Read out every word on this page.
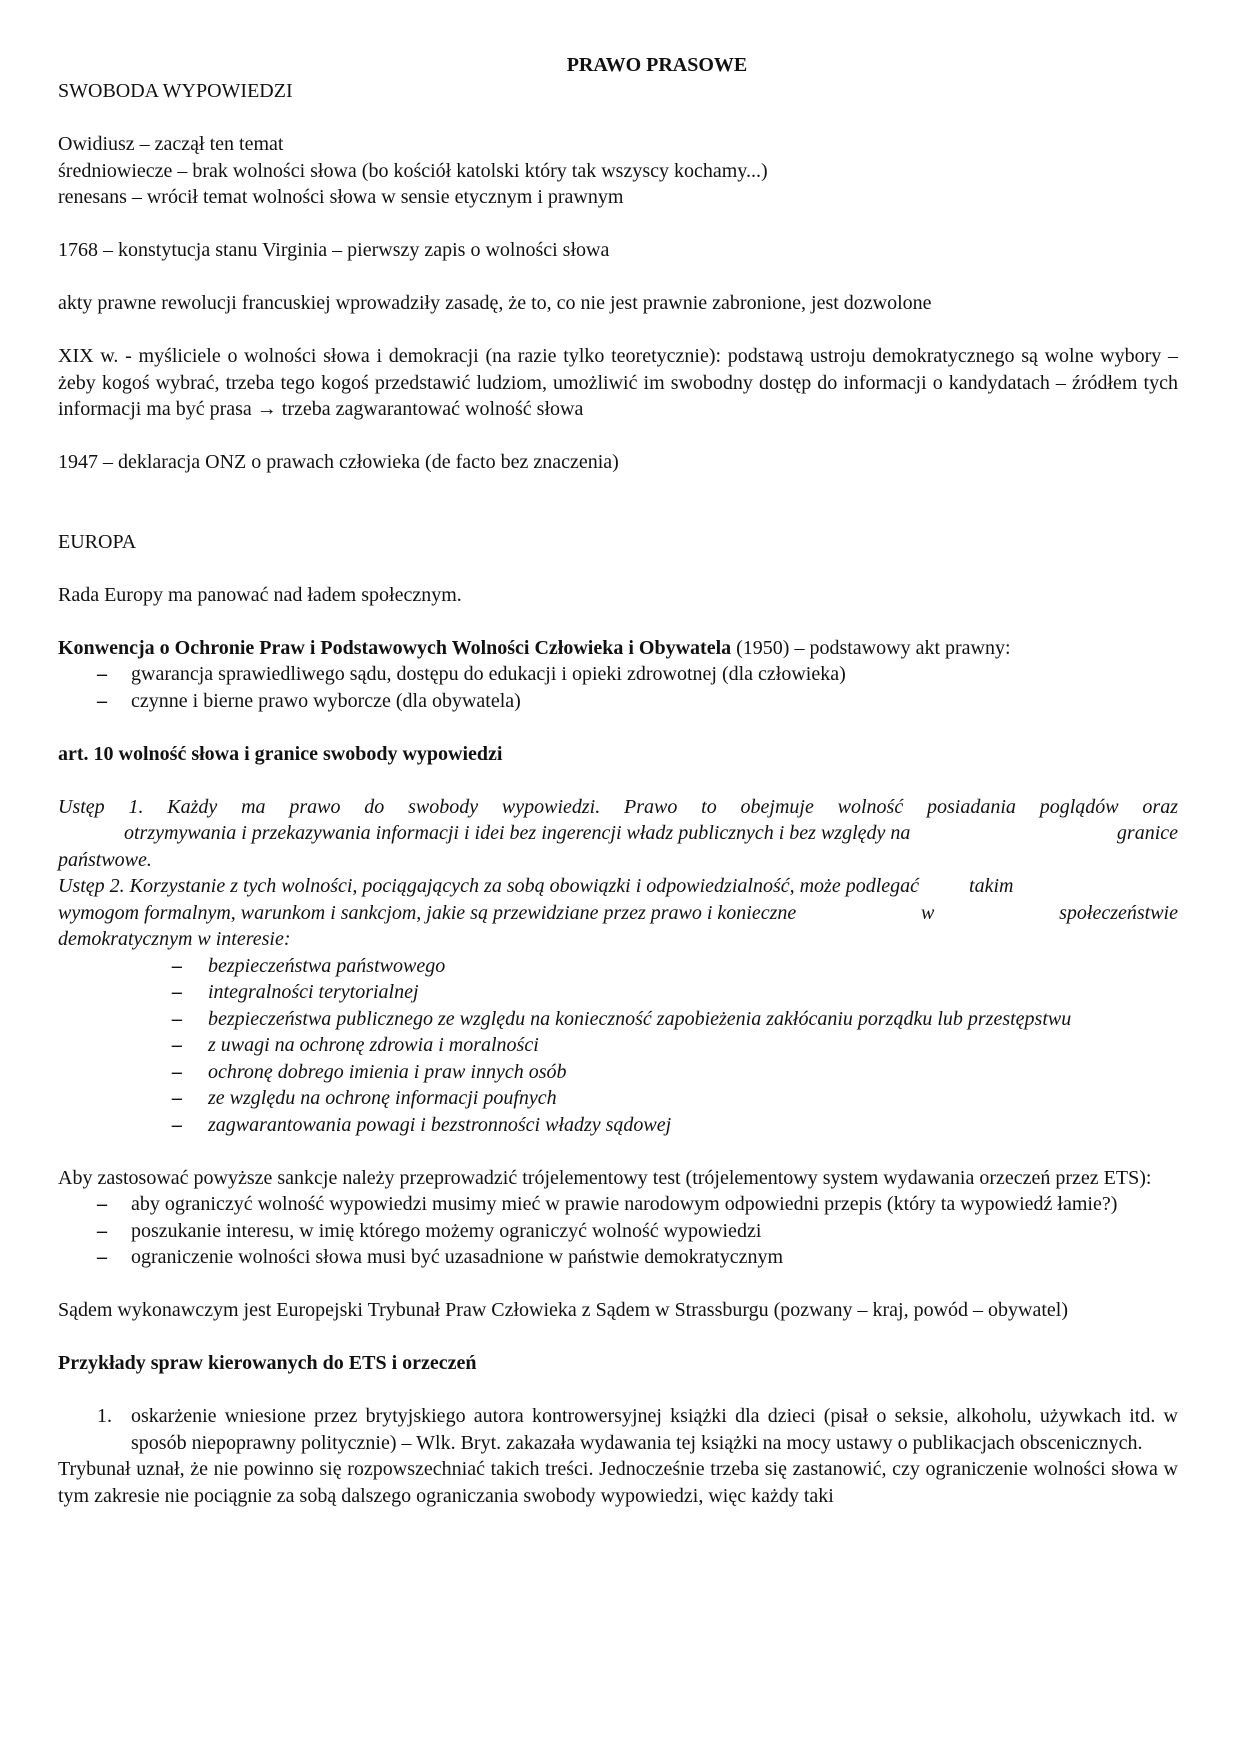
PRAWO PRASOWE

SWOBODA WYPOWIEDZI

Owidiusz – zaczął ten temat

średniowiecze – brak wolności słowa (bo kościół katolski który tak wszyscy kochamy...)

renesans – wrócił temat wolności słowa w sensie etycznym i prawnym

1768 – konstytucja stanu Virginia – pierwszy zapis o wolności słowa

akty prawne rewolucji francuskiej wprowadziły zasadę, że to, co nie jest prawnie zabronione, jest dozwolone

XIX w. - myśliciele o wolności słowa i demokracji (na razie tylko teoretycznie): podstawą ustroju demokratycznego są wolne wybory – żeby kogoś wybrać, trzeba tego kogoś przedstawić ludziom, umożliwić im swobodny dostęp do informacji o kandydatach – źródłem tych informacji ma być prasa → trzeba zagwarantować wolność słowa

1947 – deklaracja ONZ o prawach człowieka (de facto bez znaczenia)

EUROPA

Rada Europy ma panować nad ładem społecznym.

Konwencja o Ochronie Praw i Podstawowych Wolności Człowieka i Obywatela (1950) – podstawowy akt prawny:

– gwarancja sprawiedliwego sądu, dostępu do edukacji i opieki zdrowotnej (dla człowieka)
– czynne i bierne prawo wyborcze (dla obywatela)

art. 10 wolność słowa i granice swobody wypowiedzi

Ustęp 1. Każdy ma prawo do swobody wypowiedzi. Prawo to obejmuje wolność posiadania poglądów oraz

otrzymywania i przekazywania informacji i idei bez ingerencji władz publicznych i bez względy na	granice

państwowe.

Ustęp 2. Korzystanie z tych wolności, pociągających za sobą obowiązki i odpowiedzialność, może podlegać	takim

wymogom formalnym, warunkom i sankcjom, jakie są przewidziane przez prawo i konieczne	w	społeczeństwie

demokratycznym w interesie:

– bezpieczeństwa państwowego
– integralności terytorialnej
– bezpieczeństwa publicznego ze względu na konieczność zapobieżenia zakłócaniu porządku lub przestępstwu
– z uwagi na ochronę zdrowia i moralności
– ochronę dobrego imienia i praw innych osób
– ze względu na ochronę informacji poufnych
– zagwarantowania powagi i bezstronności władzy sądowej

Aby zastosować powyższe sankcje należy przeprowadzić trójelementowy test (trójelementowy system wydawania orzeczeń przez ETS):

– aby ograniczyć wolność wypowiedzi musimy mieć w prawie narodowym odpowiedni przepis (który ta wypowiedź łamie?)
– poszukanie interesu, w imię którego możemy ograniczyć wolność wypowiedzi
– ograniczenie wolności słowa musi być uzasadnione w państwie demokratycznym

Sądem wykonawczym jest Europejski Trybunał Praw Człowieka z Sądem w Strassburgu (pozwany – kraj, powód – obywatel)

Przykłady spraw kierowanych do ETS i orzeczeń

1. oskarżenie wniesione przez brytyjskiego autora kontrowersyjnej książki dla dzieci (pisał o seksie, alkoholu, używkach itd. w sposób niepoprawny politycznie) – Wlk. Bryt. zakazała wydawania tej książki na mocy ustawy o publikacjach obscenicznych.

Trybunał uznał, że nie powinno się rozpowszechniać takich treści. Jednocześnie trzeba się zastanowić, czy ograniczenie wolności słowa w tym zakresie nie pociągnie za sobą dalszego ograniczania swobody wypowiedzi, więc każdy taki
